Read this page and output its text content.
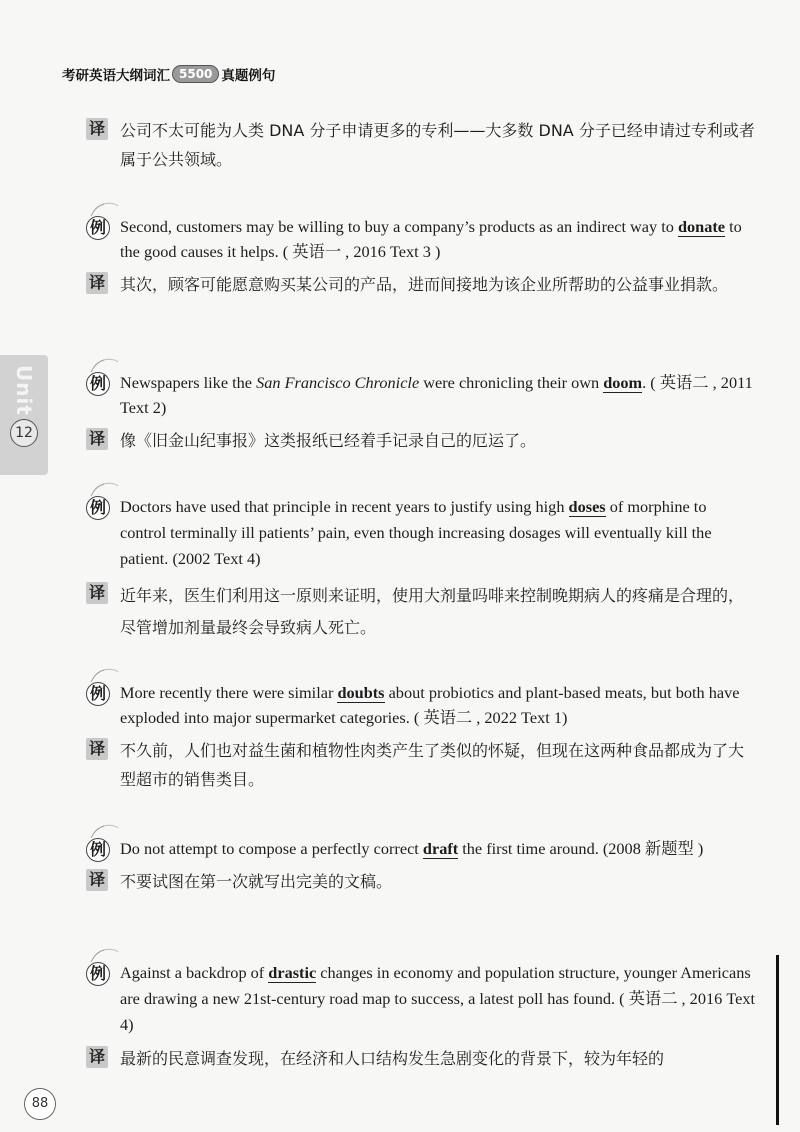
考研英语大纲词汇 5500 真题例句
Unit
12
译 公司不太可能为人类 DNA 分子申请更多的专利——大多数 DNA 分子已经申请过专利或者属于公共领域。

例 Second, customers may be willing to buy a company’s products as an indirect way to donate to the good causes it helps. ( 英语一 , 2016 Text 3 )

译 其次，顾客可能愿意购买某公司的产品，进而间接地为该企业所帮助的公益事业捐款。

例 Newspapers like the San Francisco Chronicle were chronicling their own doom. ( 英语二 , 2011 Text 2)

译 像《旧金山纪事报》这类报纸已经着手记录自己的厄运了。

例 Doctors have used that principle in recent years to justify using high doses of morphine to control terminally ill patients’ pain, even though increasing dosages will eventually kill the patient. (2002 Text 4)

译 近年来，医生们利用这一原则来证明，使用大剂量吗啡来控制晚期病人的疼痛是合理的，尽管增加剂量最终会导致病人死亡。

例 More recently there were similar doubts about probiotics and plant-based meats, but both have exploded into major supermarket categories. ( 英语二 , 2022 Text 1)

译 不久前，人们也对益生菌和植物性肉类产生了类似的怀疑，但现在这两种食品都成为了大型超市的销售类目。

例 Do not attempt to compose a perfectly correct draft the first time around. (2008 新题型 )

译 不要试图在第一次就写出完美的文稿。

例 Against a backdrop of drastic changes in economy and population structure, younger Americans are drawing a new 21st-century road map to success, a latest poll has found. ( 英语二 , 2016 Text 4)

译 最新的民意调查发现，在经济和人口结构发生急剧变化的背景下，较为年轻的

88
